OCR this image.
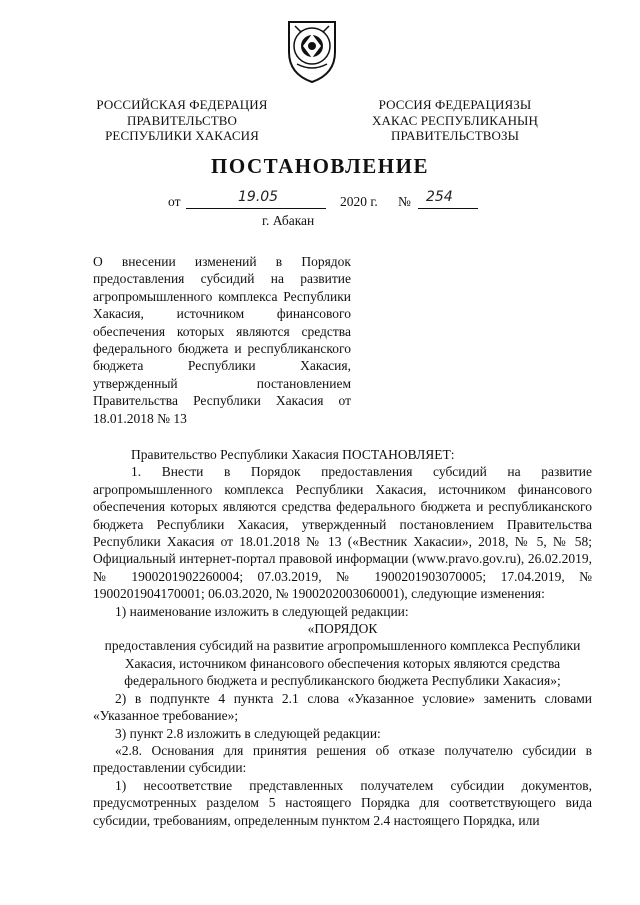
РОССИЙСКАЯ ФЕДЕРАЦИЯ
ПРАВИТЕЛЬСТВО
РЕСПУБЛИКИ ХАКАСИЯ
РОССИЯ ФЕДЕРАЦИЯЗЫ
ХАКАС РЕСПУБЛИКАНЫҢ
ПРАВИТЕЛЬСТВОЗЫ
ПОСТАНОВЛЕНИЕ
от	19.05	2020 г. № 254
г. Абакан
О внесении изменений в Порядок предоставления субсидий на развитие агропромышленного комплекса Республики Хакасия, источником финансового обеспечения которых являются средства федерального бюджета и республиканского бюджета Республики Хакасия, утвержденный постановлением Правительства Республики Хакасия от 18.01.2018 № 13

Правительство Республики Хакасия ПОСТАНОВЛЯЕТ:

1. Внести в Порядок предоставления субсидий на развитие агропромышленного комплекса Республики Хакасия, источником финансового обеспечения которых являются средства федерального бюджета и республиканского бюджета Республики Хакасия, утвержденный постановлением Правительства Республики Хакасия от 18.01.2018 № 13 («Вестник Хакасии», 2018, № 5, № 58; Официальный интернет-портал правовой информации (www.pravo.gov.ru), 26.02.2019, № 1900201902260004; 07.03.2019, № 1900201903070005; 17.04.2019, № 1900201904170001; 06.03.2020, № 1900202003060001), следующие изменения:

1) наименование изложить в следующей редакции:

«ПОРЯДОК

предоставления субсидий на развитие агропромышленного комплекса Республики Хакасия, источником финансового обеспечения которых являются средства федерального бюджета и республиканского бюджета Республики Хакасия»;

2) в подпункте 4 пункта 2.1 слова «Указанное условие» заменить словами «Указанное требование»;

3) пункт 2.8 изложить в следующей редакции:

«2.8. Основания для принятия решения об отказе получателю субсидии в предоставлении субсидии:

1) несоответствие представленных получателем субсидии документов, предусмотренных разделом 5 настоящего Порядка для соответствующего вида субсидии, требованиям, определенным пунктом 2.4 настоящего Порядка, или
